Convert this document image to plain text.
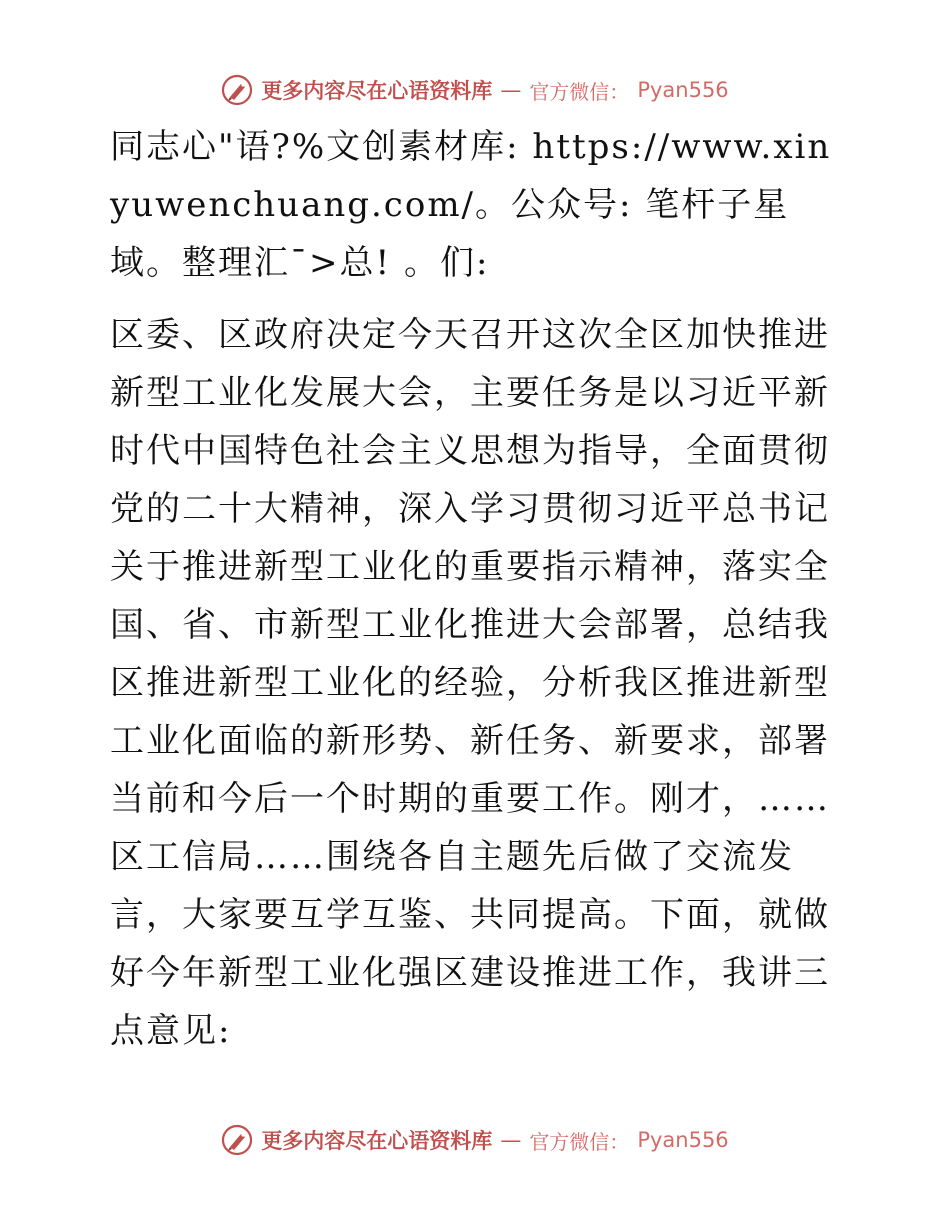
更多内容尽在心语资料库 — 官方微信： Pyan556

同志心"语?%文创素材库: https://www.xinyuwenchuang.com/。公众号: 笔杆子星域。整理汇¯>总! 。们:

区委、区政府决定今天召开这次全区加快推进新型工业化发展大会，主要任务是以习近平新时代中国特色社会主义思想为指导，全面贯彻党的二十大精神，深入学习贯彻习近平总书记关于推进新型工业化的重要指示精神，落实全国、省、市新型工业化推进大会部署，总结我区推进新型工业化的经验，分析我区推进新型工业化面临的新形势、新任务、新要求，部署当前和今后一个时期的重要工作。刚才，……区工信局……围绕各自主题先后做了交流发言，大家要互学互鉴、共同提高。下面，就做好今年新型工业化强区建设推进工作，我讲三点意见:

更多内容尽在心语资料库 — 官方微信： Pyan556
